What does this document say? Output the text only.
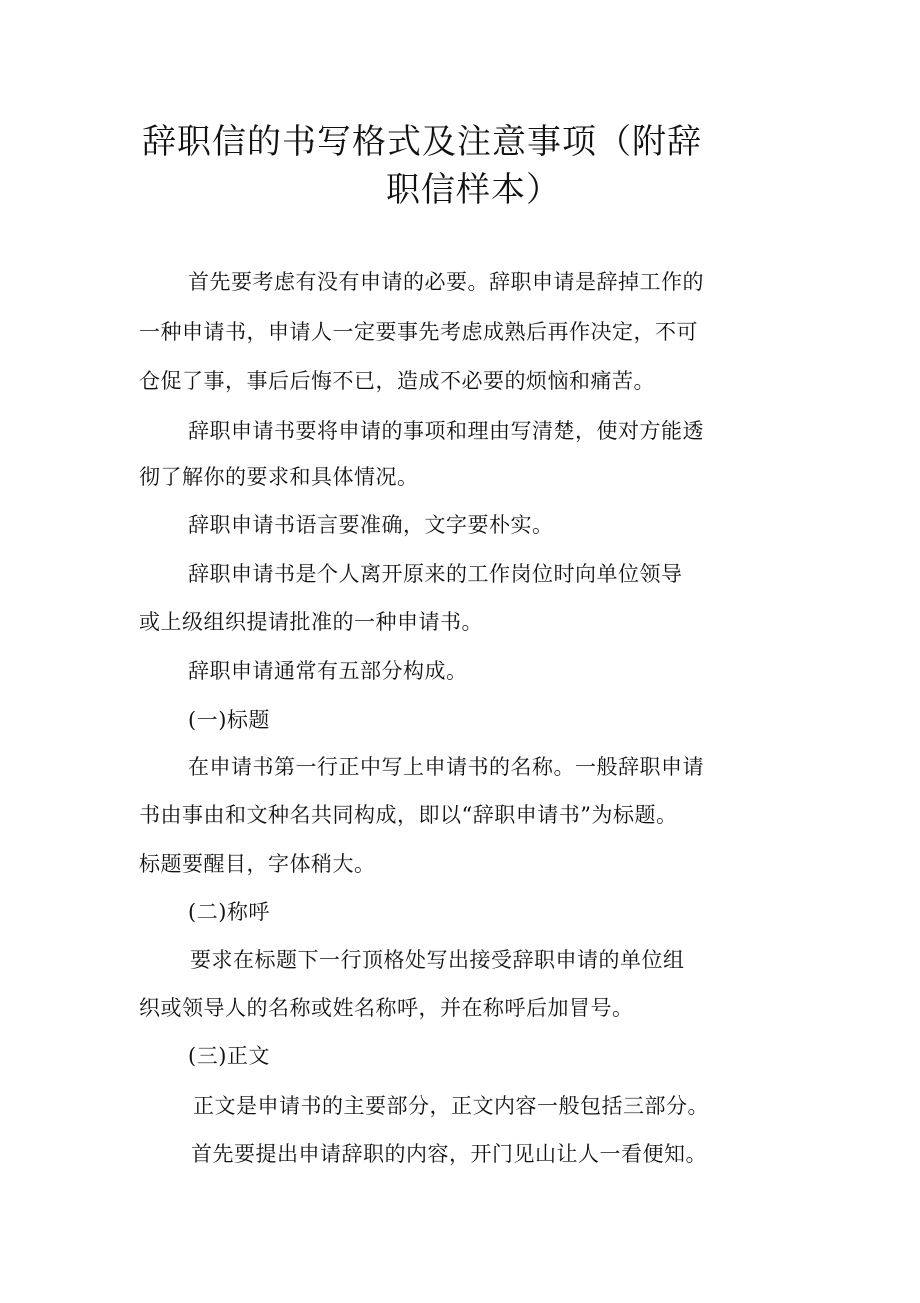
辞职信的书写格式及注意事项（附辞
职信样本）

首先要考虑有没有申请的必要。辞职申请是辞掉工作的

一种申请书，申请人一定要事先考虑成熟后再作决定，不可

仓促了事，事后后悔不已，造成不必要的烦恼和痛苦。

辞职申请书要将申请的事项和理由写清楚，使对方能透

彻了解你的要求和具体情况。

辞职申请书语言要准确，文字要朴实。

辞职申请书是个人离开原来的工作岗位时向单位领导

或上级组织提请批准的一种申请书。

辞职申请通常有五部分构成。

(一)标题

在申请书第一行正中写上申请书的名称。一般辞职申请

书由事由和文种名共同构成，即以“辞职申请书”为标题。

标题要醒目，字体稍大。

(二)称呼

要求在标题下一行顶格处写出接受辞职申请的单位组

织或领导人的名称或姓名称呼，并在称呼后加冒号。

(三)正文

正文是申请书的主要部分，正文内容一般包括三部分。

首先要提出申请辞职的内容，开门见山让人一看便知。
